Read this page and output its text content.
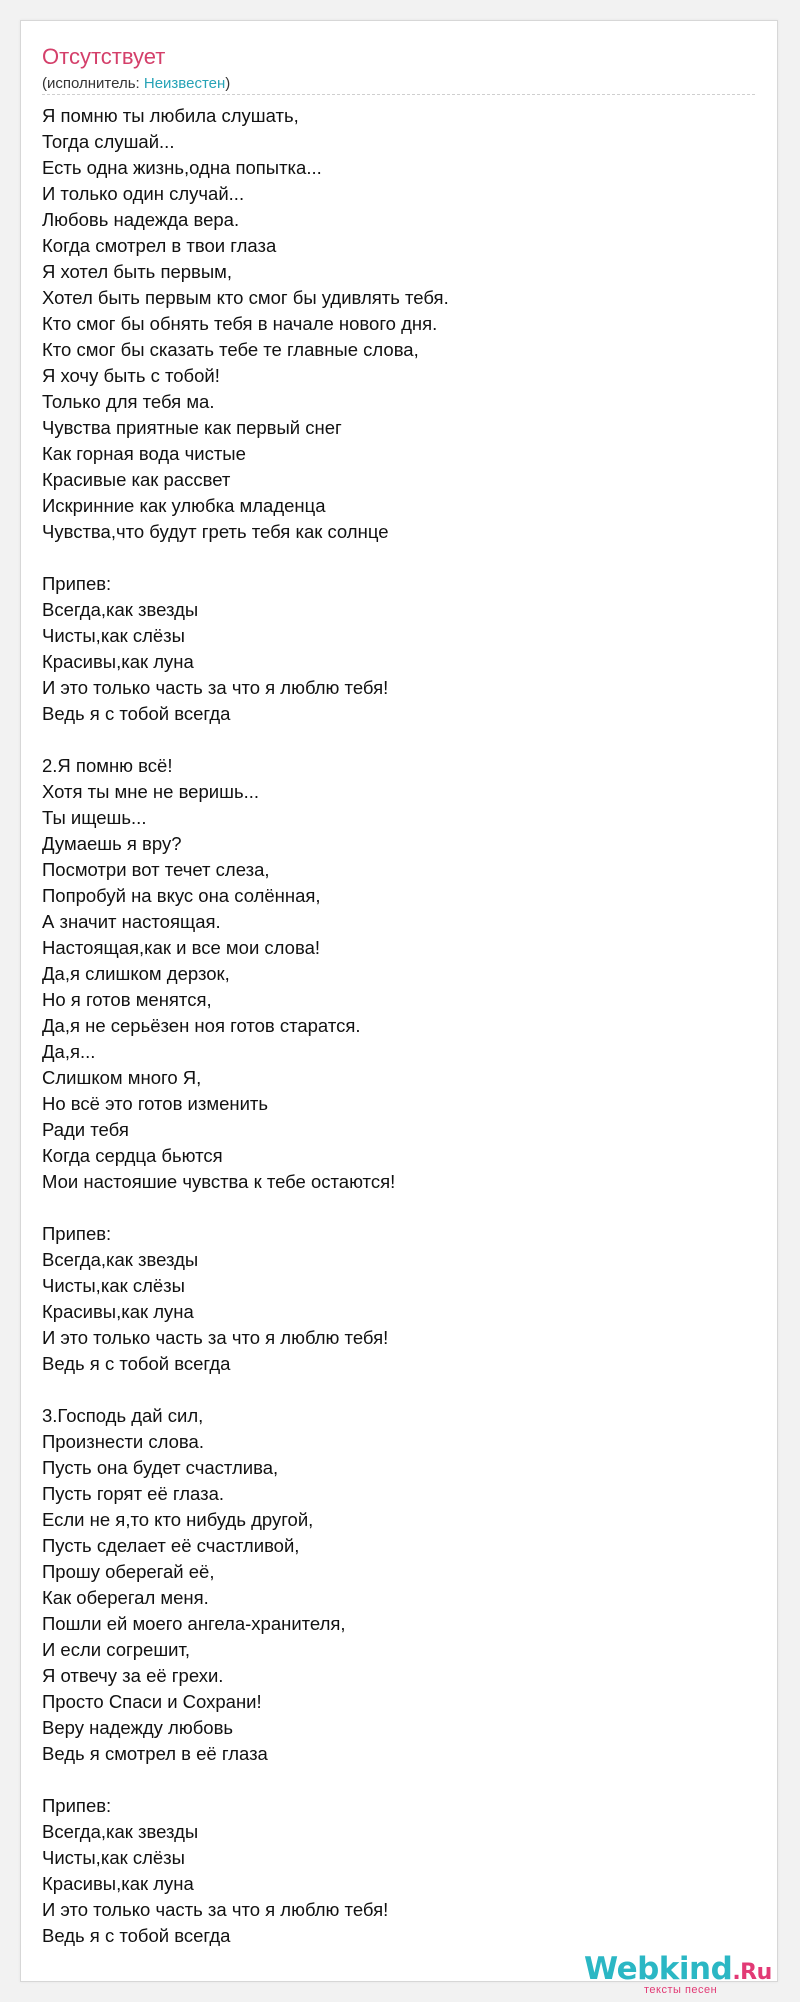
Отсутствует
(исполнитель: Неизвестен)
Я помню ты любила слушать,
Тогда слушай...
Есть одна жизнь,одна попытка...
И только один случай...
Любовь надежда вера.
Когда смотрел в твои глаза
Я хотел быть первым,
Хотел быть первым кто смог бы удивлять тебя.
Кто смог бы обнять тебя в начале нового дня.
Кто смог бы сказать тебе те главные слова,
Я хочу быть с тобой!
Только для тебя ма.
Чувства приятные как первый снег
Как горная вода чистые
Красивые как рассвет
Искринние как улюбка младенца
Чувства,что будут греть тебя как солнце
Припев:
Всегда,как звезды
Чисты,как слёзы
Красивы,как луна
И это только часть за что я люблю тебя!
Ведь я с тобой всегда
2.Я помню всё!
Хотя ты мне не веришь...
Ты ищешь...
Думаешь я вру?
Посмотри вот течет слеза,
Попробуй на вкус она солённая,
А значит настоящая.
Настоящая,как и все мои слова!
Да,я слишком дерзок,
Но я готов менятся,
Да,я не серьёзен ноя готов старатся.
Да,я...
Слишком много Я,
Но всё это готов изменить
Ради тебя
Когда сердца бьются
Мои настояшие чувства к тебе остаются!
Припев:
Всегда,как звезды
Чисты,как слёзы
Красивы,как луна
И это только часть за что я люблю тебя!
Ведь я с тобой всегда
3.Господь дай сил,
Произнести слова.
Пусть она будет счастлива,
Пусть горят её глаза.
Если не я,то кто нибудь другой,
Пусть сделает её счастливой,
Прошу оберегай её,
Как оберегал меня.
Пошли ей моего ангела-хранителя,
И если согрешит,
Я отвечу за её грехи.
Просто Спаси и Сохрани!
Веру надежду любовь
Ведь я смотрел в её глаза
Припев:
Всегда,как звезды
Чисты,как слёзы
Красивы,как луна
И это только часть за что я люблю тебя!
Ведь я с тобой всегда
Webkind.Ru
тексты песен
